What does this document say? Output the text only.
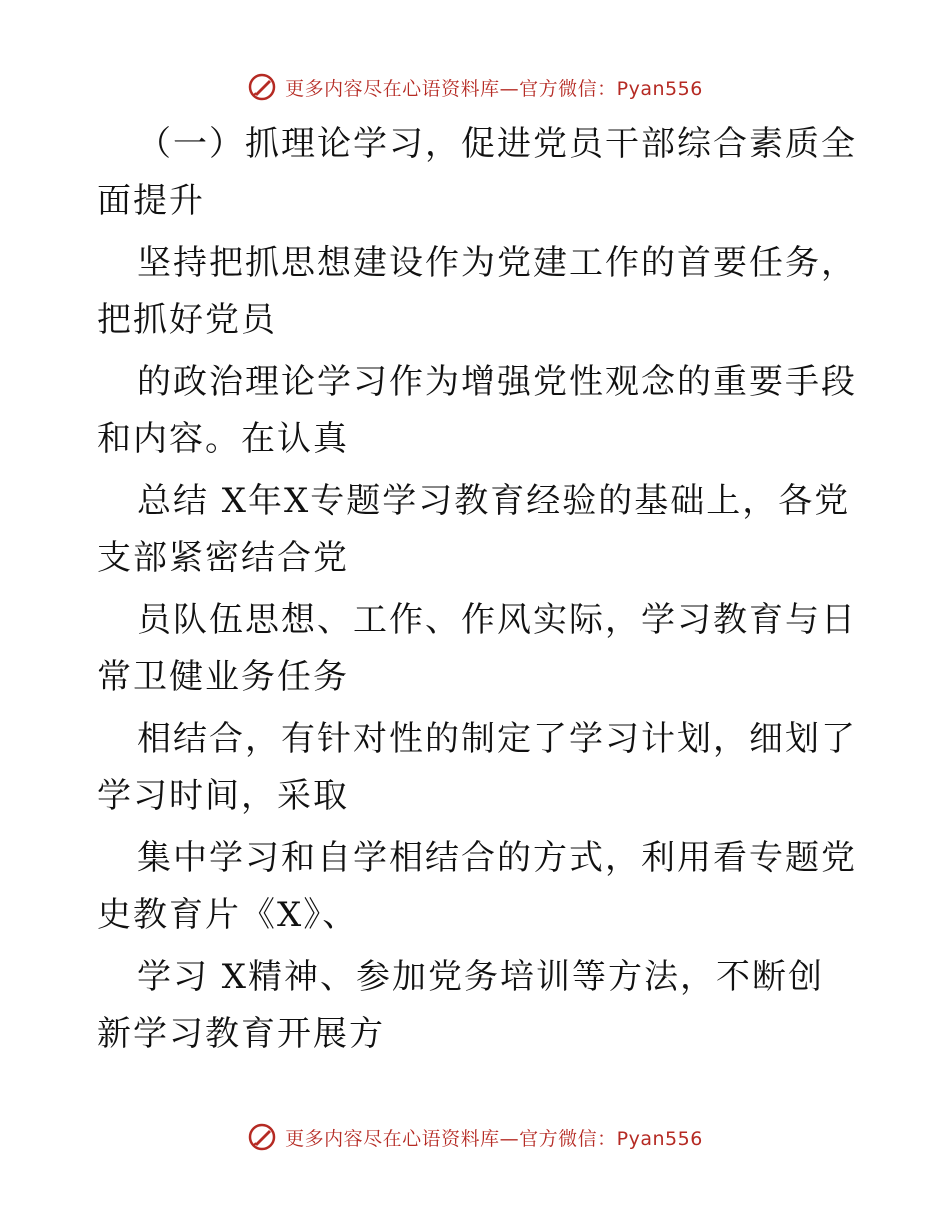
更多内容尽在心语资料库—官方微信：Pyan556

（一）抓理论学习，促进党员干部综合素质全面提升

坚持把抓思想建设作为党建工作的首要任务，把抓好党员

的政治理论学习作为增强党性观念的重要手段和内容。在认真

总结 X年X专题学习教育经验的基础上，各党支部紧密结合党

员队伍思想、工作、作风实际，学习教育与日常卫健业务任务

相结合，有针对性的制定了学习计划，细划了学习时间，采取

集中学习和自学相结合的方式，利用看专题党史教育片《X》、

学习 X精神、参加党务培训等方法，不断创新学习教育开展方

更多内容尽在心语资料库—官方微信：Pyan556
